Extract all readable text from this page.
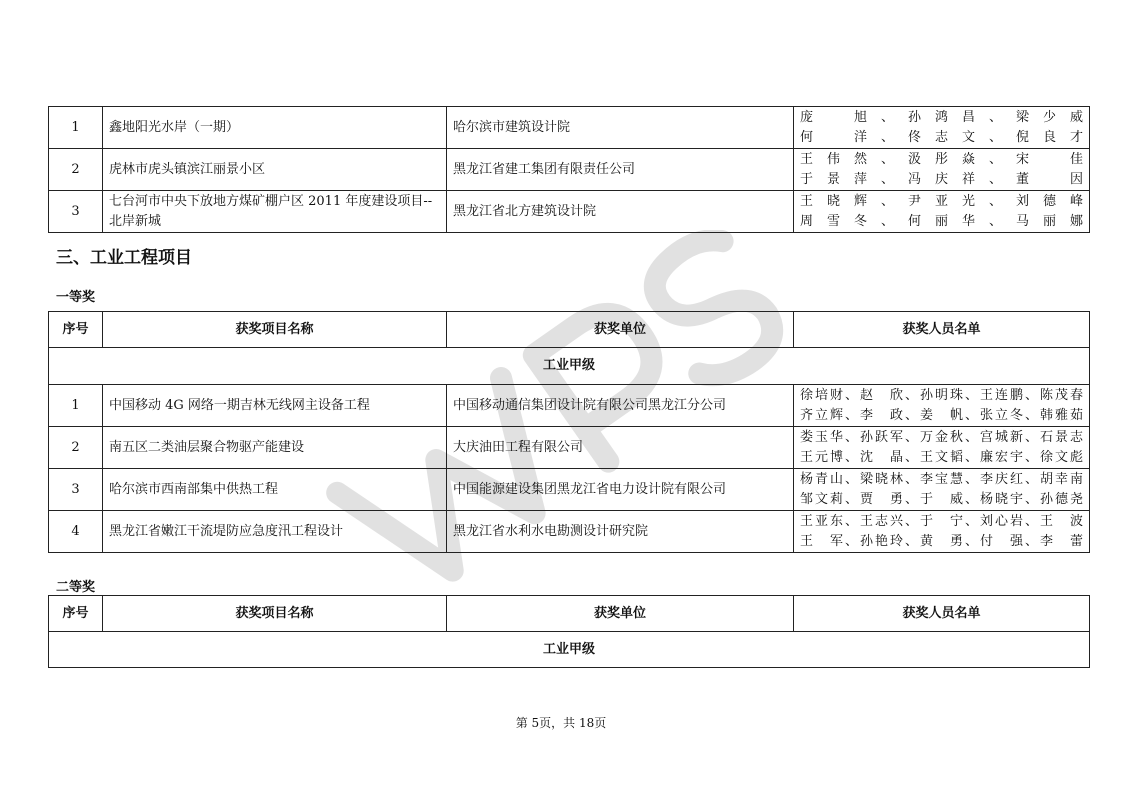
1	鑫地阳光水岸（一期）	哈尔滨市建筑设计院	庞　旭、孙鸿昌、梁少威
何　洋、佟志文、倪良才

2	虎林市虎头镇滨江丽景小区	黑龙江省建工集团有限责任公司	王伟然、汲彤焱、宋　佳
于景萍、冯庆祥、董　因

3	七台河市中央下放地方煤矿棚户区 2011 年度建设项目--北岸新城	黑龙江省北方建筑设计院	王晓辉、尹亚光、刘德峰
周雪冬、何丽华、马丽娜
三、工业工程项目
一等奖
序号	获奖项目名称	获奖单位	获奖人员名单
工业甲级			
1	中国移动 4G 网络一期吉林无线网主设备工程	中国移动通信集团设计院有限公司黑龙江分公司	徐培财、赵　欣、孙明珠、王连鹏、陈茂春
齐立辉、李　政、姜　帆、张立冬、韩雅茹

2	南五区二类油层聚合物驱产能建设	大庆油田工程有限公司	娄玉华、孙跃军、万金秋、宫城新、石景志
王元博、沈　晶、王文韬、廉宏宇、徐文彪

3	哈尔滨市西南部集中供热工程	中国能源建设集团黑龙江省电力设计院有限公司	杨青山、梁晓林、李宝慧、李庆红、胡幸南
邹文莉、贾　勇、于　威、杨晓宇、孙德尧

4	黑龙江省嫩江干流堤防应急度汛工程设计	黑龙江省水利水电勘测设计研究院	王亚东、王志兴、于　宁、刘心岩、王　波
王　军、孙艳玲、黄　勇、付　强、李　蕾
二等奖
序号	获奖项目名称	获奖单位	获奖人员名单
工业甲级
第 5页，共 18页
